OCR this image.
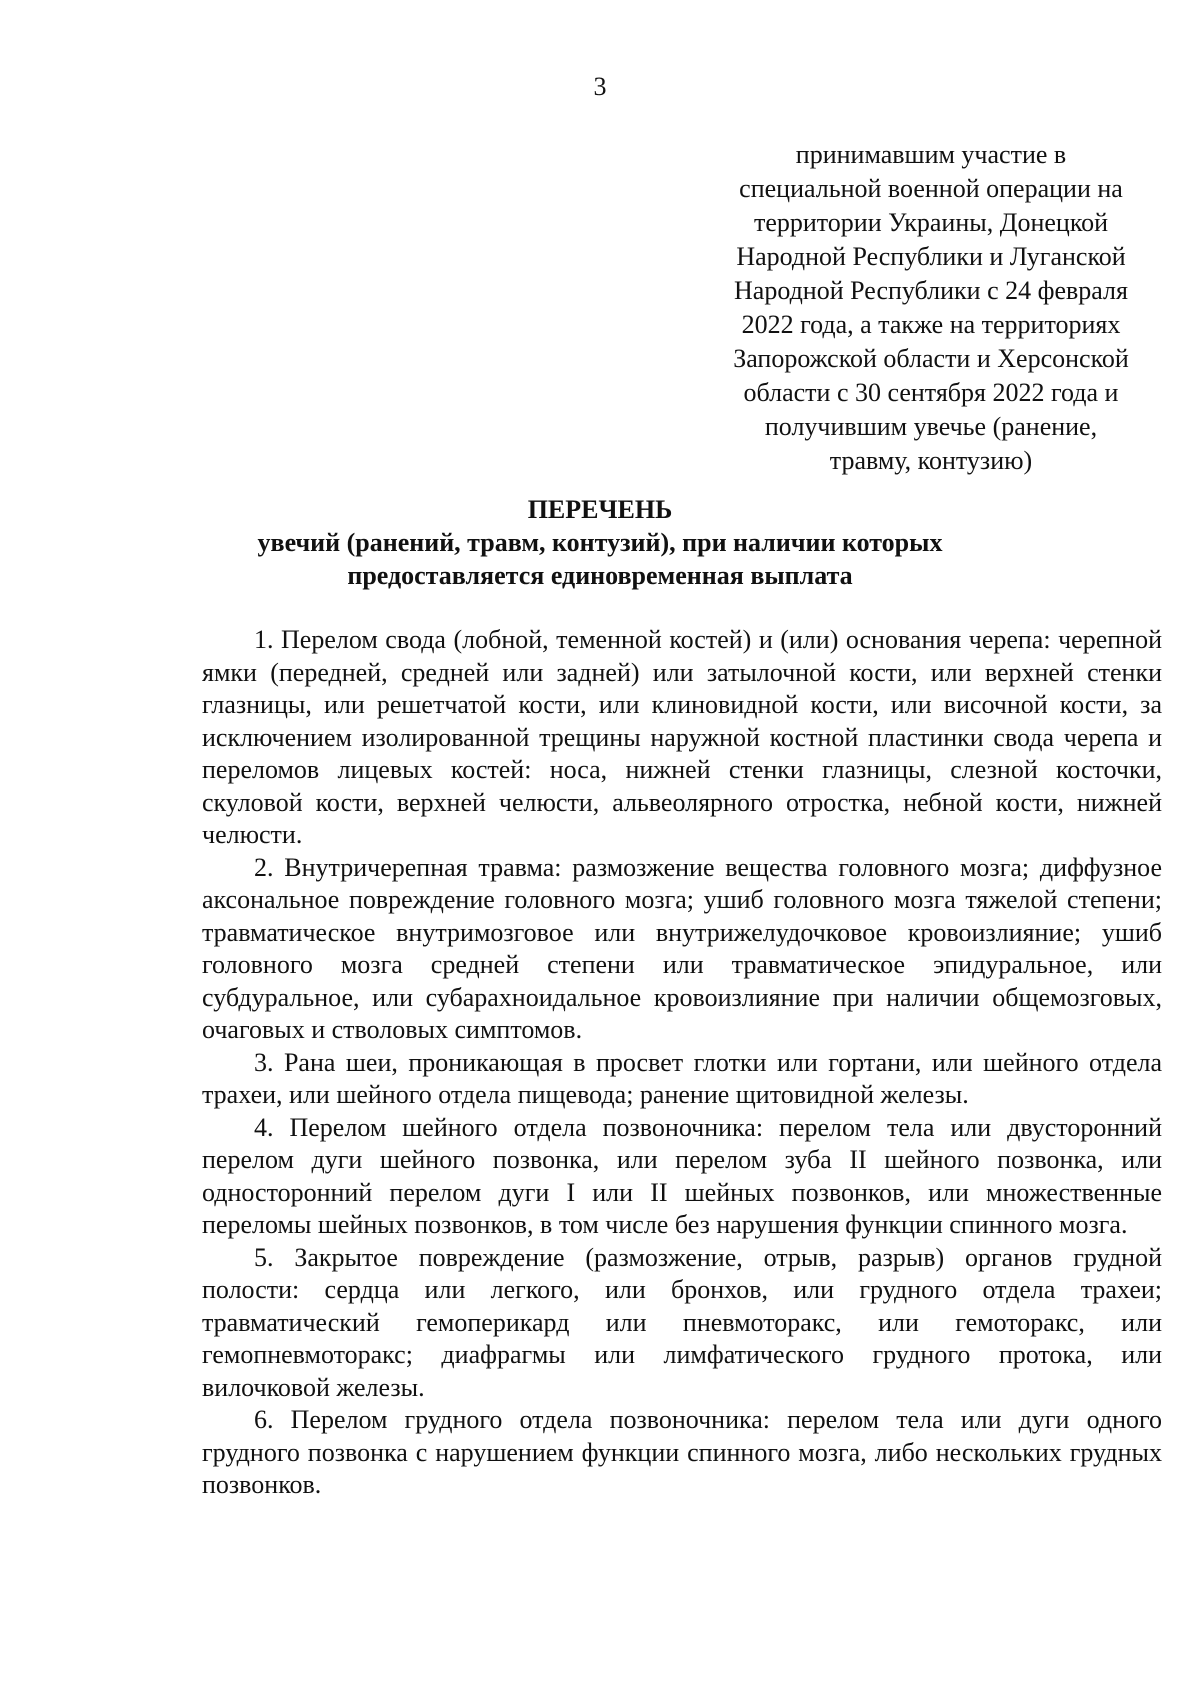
3
принимавшим участие в
специальной военной операции на
территории Украины, Донецкой
Народной Республики и Луганской
Народной Республики с 24 февраля
2022 года, а также на территориях
Запорожской области и Херсонской
области с 30 сентября 2022 года и
получившим увечье (ранение,
травму, контузию)
ПЕРЕЧЕНЬ
увечий (ранений, травм, контузий), при наличии которых
предоставляется единовременная выплата

1. Перелом свода (лобной, теменной костей) и (или) основания черепа: черепной ямки (передней, средней или задней) или затылочной кости, или верхней стенки глазницы, или решетчатой кости, или клиновидной кости, или височной кости, за исключением изолированной трещины наружной костной пластинки свода черепа и переломов лицевых костей: носа, нижней стенки глазницы, слезной косточки, скуловой кости, верхней челюсти, альвеолярного отростка, небной кости, нижней челюсти.

2. Внутричерепная травма: размозжение вещества головного мозга; диффузное аксональное повреждение головного мозга; ушиб головного мозга тяжелой степени; травматическое внутримозговое или внутрижелудочковое кровоизлияние; ушиб головного мозга средней степени или травматическое эпидуральное, или субдуральное, или субарахноидальное кровоизлияние при наличии общемозговых, очаговых и стволовых симптомов.

3. Рана шеи, проникающая в просвет глотки или гортани, или шейного отдела трахеи, или шейного отдела пищевода; ранение щитовидной железы.

4. Перелом шейного отдела позвоночника: перелом тела или двусторонний перелом дуги шейного позвонка, или перелом зуба II шейного позвонка, или односторонний перелом дуги I или II шейных позвонков, или множественные переломы шейных позвонков, в том числе без нарушения функции спинного мозга.

5. Закрытое повреждение (размозжение, отрыв, разрыв) органов грудной полости: сердца или легкого, или бронхов, или грудного отдела трахеи; травматический гемоперикард или пневмоторакс, или гемоторакс, или гемопневмоторакс; диафрагмы или лимфатического грудного протока, или вилочковой железы.

6. Перелом грудного отдела позвоночника: перелом тела или дуги одного грудного позвонка с нарушением функции спинного мозга, либо нескольких грудных позвонков.
